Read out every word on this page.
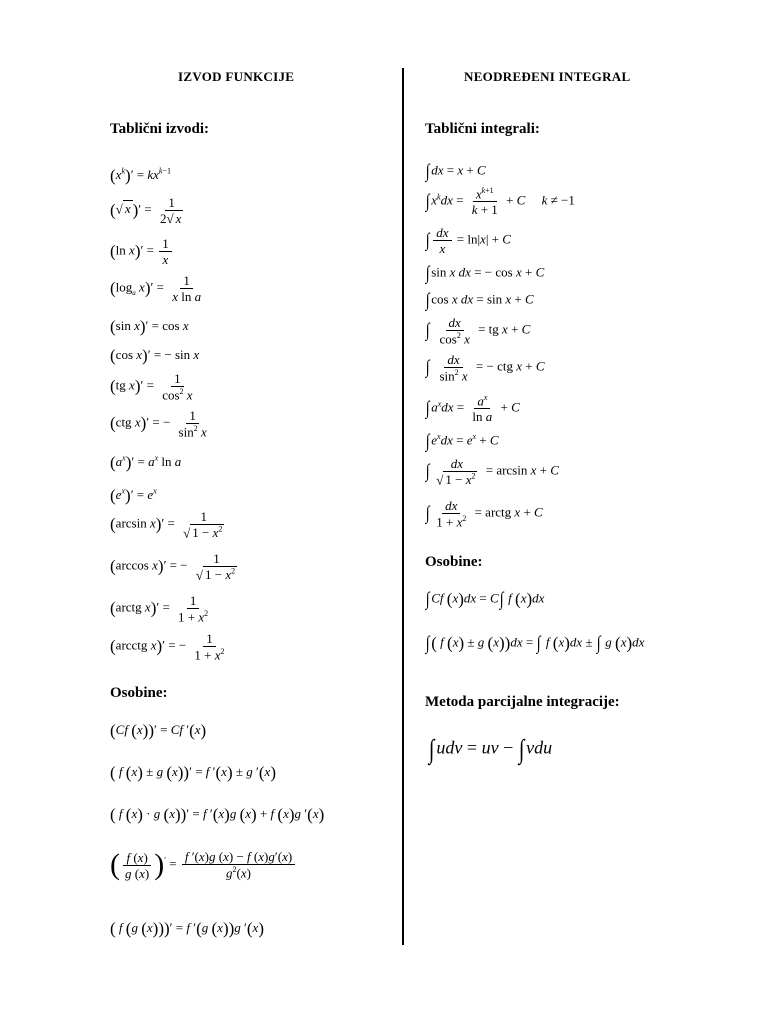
IZVOD FUNKCIJE	NEODREĐENI INTEGRAL
Tablični izvodi:
$(x^k)' = kx^{k-1}$
(√ x )′ = $\frac{1}{2√ x}$
(ln $x)' = \frac{1}{x}$
($\log_a$ $x)' = \frac{1}{\text{x ln a}}$
(sin x)′ = cos x
(cos x)′ = − sin x
(tg $x)' = \frac{1}{\cos^2 x}$
(ctg x)′ = − $\frac{1}{\sin^2 x}$
$(a^x)' = a^x$ ln a
$(e^x)' = e^x$
(arcsin $x)' = \frac{1}{√ 1 - x^2}$
(arccos x)′ = − $\frac{1}{√ 1 - x^2}$
(arctg $x)' = \frac{1}{1 + x^2}$
(arcctg x)′ = − $\frac{1}{1 + x^2}$
Osobine:
(Cf (x))′ = Cf ′(x)
( f (x) ± g (x))′ = f ′(x) ± g ′(x)
( f (x) · g (x))′ = f ′(x)g (x) + f (x)g ′(x)
( $\frac{f (x)}{g (x)} )' = \frac{f '(x)g (x) - f (x)g'(x)}{g^2(x)}$
( f (g (x)))′ = f ′(g (x))g ′(x)
Tablični integrali:
∫ dx = x + C
∫ $x^kdx = \frac{x^{k+1}}{k + 1} + C$ k ≠ −1
∫ $\frac{dx}{x} = \ln|x| + C$
∫ sin x dx = − cos x + C
∫ cos x dx = sin x + C
∫ $\frac{dx}{\cos^2 x}$ = tg x + C
∫ $\frac{dx}{\sin^2 x}$ = − ctg x + C
∫ $a^xdx = \frac{a^x}{\text{ln a}} + C$
∫ $e^xdx = e^x + C$
∫ $\frac{dx}{√ 1 - x^2} = \arcsin x + C$
∫ $\frac{dx}{1 + x^2}$ = arctg x + C
Osobine:
∫ Cf (x)dx = C∫ f (x)dx
∫( f (x) ± g (x))dx = ∫ f (x)dx ± ∫ g (x)dx
Metoda parcijalne integracije:
∫ udv = uv − ∫ vdu
